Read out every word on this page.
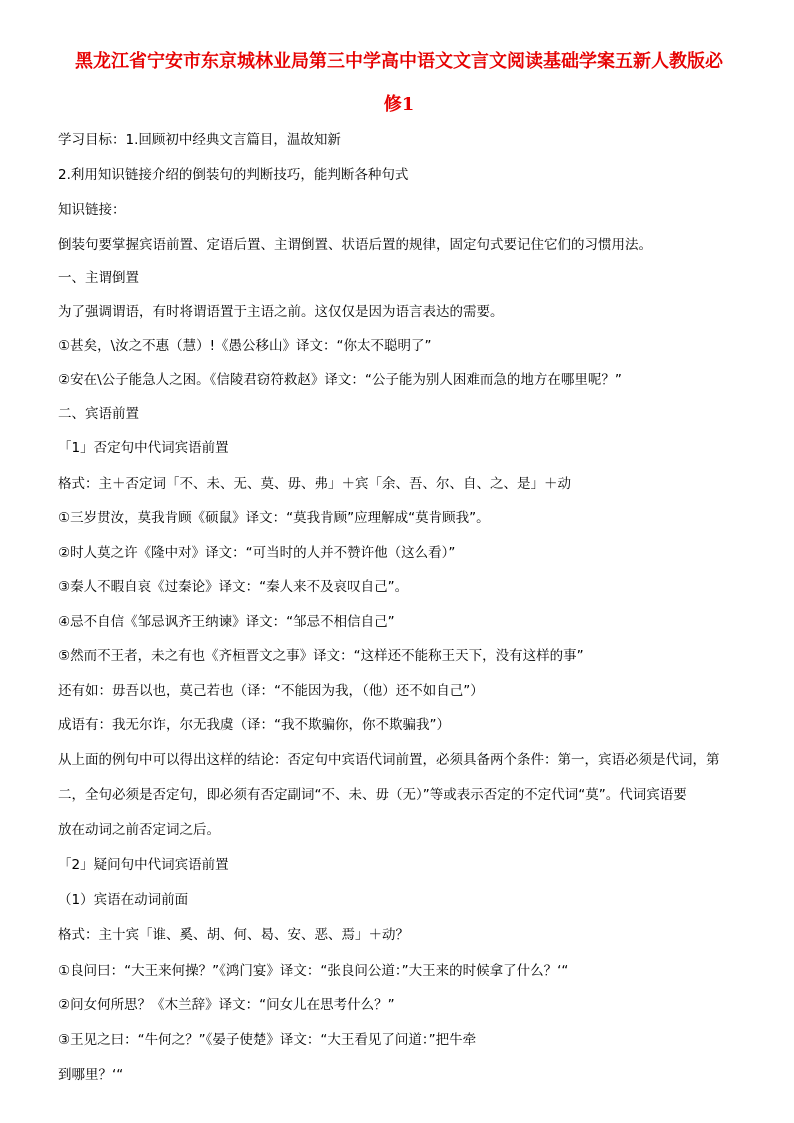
黑龙江省宁安市东京城林业局第三中学高中语文文言文阅读基础学案五新人教版必
修1
学习目标：1.回顾初中经典文言篇目，温故知新
2.利用知识链接介绍的倒装句的判断技巧，能判断各种句式
知识链接：
倒装句要掌握宾语前置、定语后置、主谓倒置、状语后置的规律，固定句式要记住它们的习惯用法。
一、主谓倒置
为了强调谓语，有时将谓语置于主语之前。这仅仅是因为语言表达的需要。
①甚矣，\汝之不惠（慧）!《愚公移山》译文：“你太不聪明了”
②安在\公子能急人之困。《信陵君窃符救赵》译文：“公子能为别人困难而急的地方在哪里呢？”
二、宾语前置
「1」否定句中代词宾语前置
格式：主＋否定词「不、未、无、莫、毋、弗」＋宾「余、吾、尔、自、之、是」＋动
①三岁贯汝，莫我肯顾《硕鼠》译文：“莫我肯顾”应理解成“莫肯顾我”。
②时人莫之许《隆中对》译文：“可当时的人并不赞许他（这么看）”
③秦人不暇自哀《过秦论》译文：“秦人来不及哀叹自己”。
④忌不自信《邹忌讽齐王纳谏》译文：“邹忌不相信自己”
⑤然而不王者，未之有也《齐桓晋文之事》译文：“这样还不能称王天下，没有这样的事”
还有如：毋吾以也，莫己若也（译：“不能因为我，（他）还不如自己”）
成语有：我无尔诈，尔无我虞（译：“我不欺骗你，你不欺骗我”）
从上面的例句中可以得出这样的结论：否定句中宾语代词前置，必须具备两个条件：第一，宾语必须是代词，第
二，全句必须是否定句，即必须有否定副词“不、未、毋（无）”等或表示否定的不定代词“莫”。代词宾语要
放在动词之前否定词之后。
「2」疑问句中代词宾语前置
（1）宾语在动词前面
格式：主十宾「谁、奚、胡、何、曷、安、恶、焉」＋动？
①良问曰：“大王来何操？”《鸿门宴》译文：“张良问公道：”大王来的时候拿了什么？‘“
②问女何所思？《木兰辞》译文：“问女儿在思考什么？”
③王见之曰：“牛何之？”《晏子使楚》译文：“大王看见了问道：”把牛牵
到哪里？‘“
